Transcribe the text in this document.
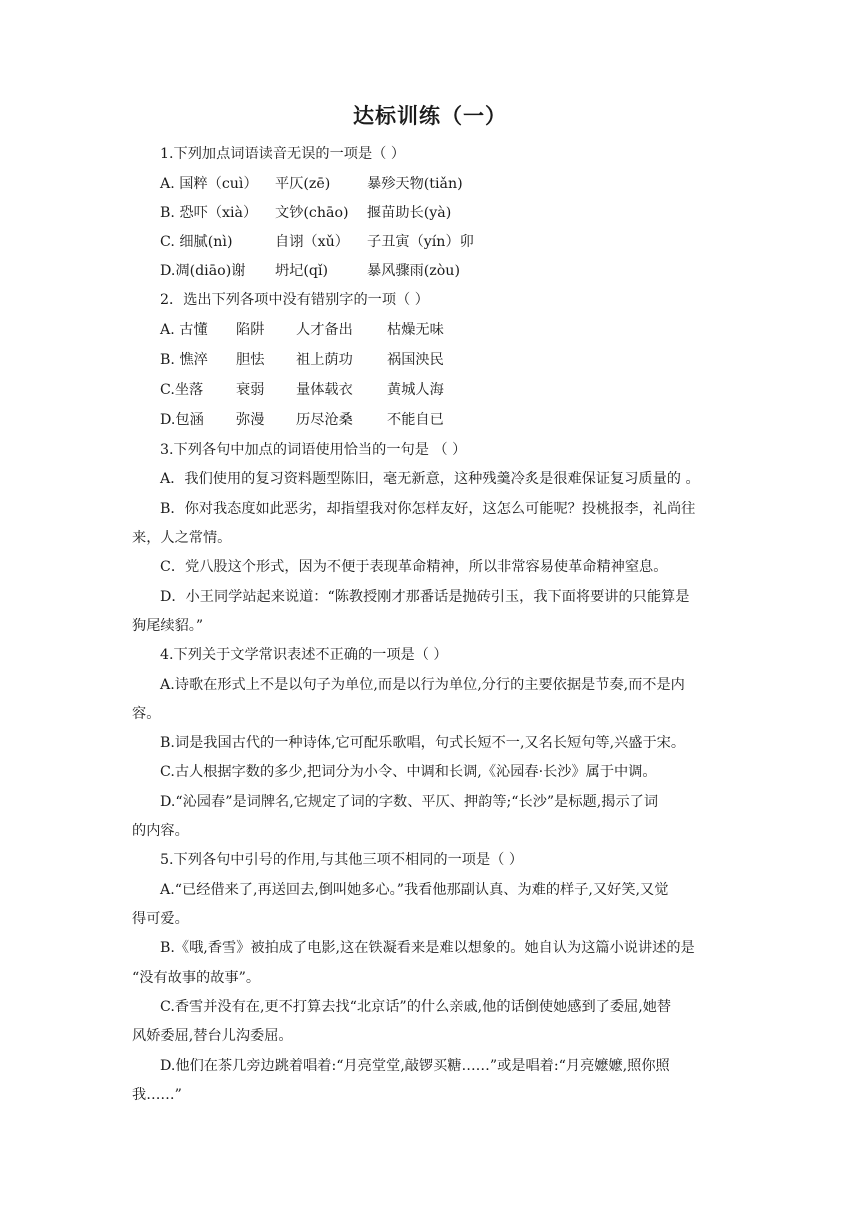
达标训练（一）
1.下列加点词语读音无误的一项是（ ）
A. 国粹（cuì） 平仄(zē)	暴殄天物(tiǎn)
B. 恐吓（xià） 文钞(chāo) 揠苗助长(yà)
C. 细腻(nì)	自诩（xǔ） 子丑寅（yín）卯
D.凋(diāo)谢 坍圮(qǐ)	暴风骤雨(zòu)
2．选出下列各项中没有错别字的一项（ ）
A. 古懂 陷阱 人才备出 枯燥无味
B. 憔淬 胆怯 祖上荫功 祸国泱民
C.坐落 衰弱 量体载衣 黄城人海
D.包涵 弥漫 历尽沧桑 不能自已
3.下列各句中加点的词语使用恰当的一句是 （ ）
A．我们使用的复习资料题型陈旧，毫无新意，这种残羹冷炙是很难保证复习质量的 。
B．你对我态度如此恶劣，却指望我对你怎样友好，这怎么可能呢？投桃报李，礼尚往
来，人之常情。
C．党八股这个形式，因为不便于表现革命精神，所以非常容易使革命精神窒息。
D．小王同学站起来说道：“陈教授刚才那番话是抛砖引玉，我下面将要讲的只能算是
狗尾续貂。”
4.下列关于文学常识表述不正确的一项是（ ）
A.诗歌在形式上不是以句子为单位,而是以行为单位,分行的主要依据是节奏,而不是内
容。
B.词是我国古代的一种诗体,它可配乐歌唱，句式长短不一,又名长短句等,兴盛于宋。
C.古人根据字数的多少,把词分为小令、中调和长调,《沁园春·长沙》属于中调。
D.“沁园春”是词牌名,它规定了词的字数、平仄、押韵等;“长沙”是标题,揭示了词
的内容。
5.下列各句中引号的作用,与其他三项不相同的一项是（ ）
A.“已经借来了,再送回去,倒叫她多心。”我看他那副认真、为难的样子,又好笑,又觉
得可爱。
B.《哦,香雪》被拍成了电影,这在铁凝看来是难以想象的。她自认为这篇小说讲述的是
“没有故事的故事”。
C.香雪并没有在,更不打算去找“北京话”的什么亲戚,他的话倒使她感到了委屈,她替
风娇委屈,替台儿沟委屈。
D.他们在茶几旁边跳着唱着:“月亮堂堂,敲锣买糖……”或是唱着:“月亮嬷嬷,照你照
我……”
